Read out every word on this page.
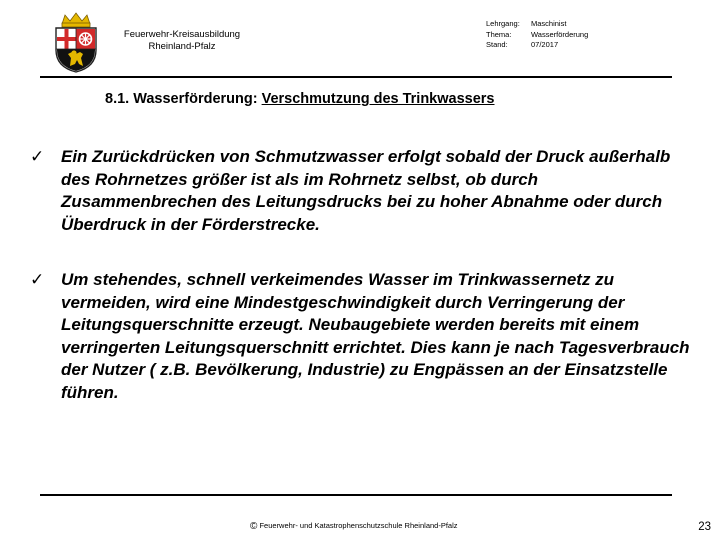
Feuerwehr-Kreisausbildung
Rheinland-Pfalz
Lehrgang:	Maschinist
Thema:	Wasserförderung
Stand:	07/2017
8.1. Wasserförderung: Verschmutzung des Trinkwassers
✓ Ein Zurückdrücken von Schmutzwasser erfolgt sobald der Druck außerhalb des Rohrnetzes größer ist als im Rohrnetz selbst, ob durch Zusammenbrechen des Leitungsdrucks bei zu hoher Abnahme oder durch Überdruck in der Förderstrecke.
✓ Um stehendes, schnell verkeimendes Wasser im Trinkwassernetz zu vermeiden, wird eine Mindestgeschwindigkeit durch Verringerung der Leitungsquerschnitte erzeugt. Neubaugebiete werden bereits mit einem verringerten Leitungsquerschnitt errichtet. Dies kann je nach Tagesverbrauch der Nutzer ( z.B. Bevölkerung, Industrie) zu Engpässen an der Einsatzstelle führen.
© Feuerwehr- und Katastrophenschutzschule Rheinland-Pfalz	23
